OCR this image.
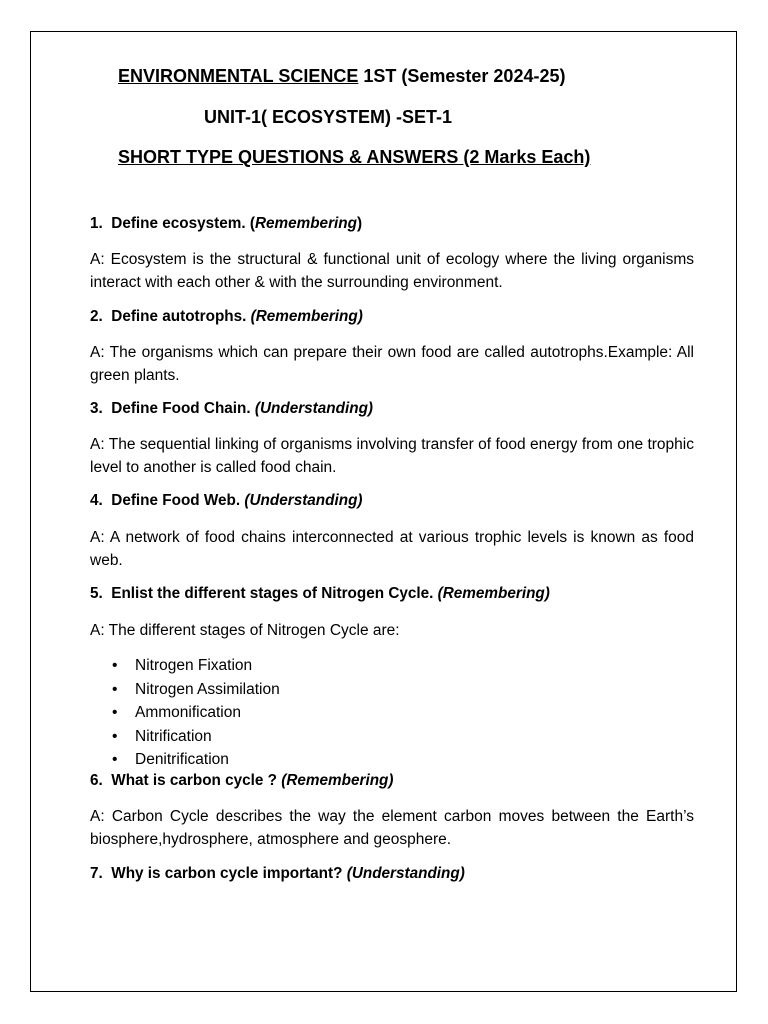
ENVIRONMENTAL SCIENCE 1ST (Semester 2024-25)
UNIT-1( ECOSYSTEM) -SET-1
SHORT TYPE QUESTIONS & ANSWERS (2 Marks Each)
1. Define ecosystem. (Remembering)
A: Ecosystem is the structural & functional unit of ecology where the living organisms interact with each other & with the surrounding environment.
2. Define autotrophs. (Remembering)
A: The organisms which can prepare their own food are called autotrophs.Example: All green plants.
3. Define Food Chain. (Understanding)
A: The sequential linking of organisms involving transfer of food energy from one trophic level to another is called food chain.
4. Define Food Web. (Understanding)
A: A network of food chains interconnected at various trophic levels is known as food web.
5. Enlist the different stages of Nitrogen Cycle. (Remembering)
A: The different stages of Nitrogen Cycle are:
• Nitrogen Fixation
• Nitrogen Assimilation
• Ammonification
• Nitrification
• Denitrification
6.  What is carbon cycle ? (Remembering)
A: Carbon Cycle describes the way the element carbon moves between the Earth’s biosphere,hydrosphere, atmosphere and geosphere.
7. Why is carbon cycle important? (Understanding)
